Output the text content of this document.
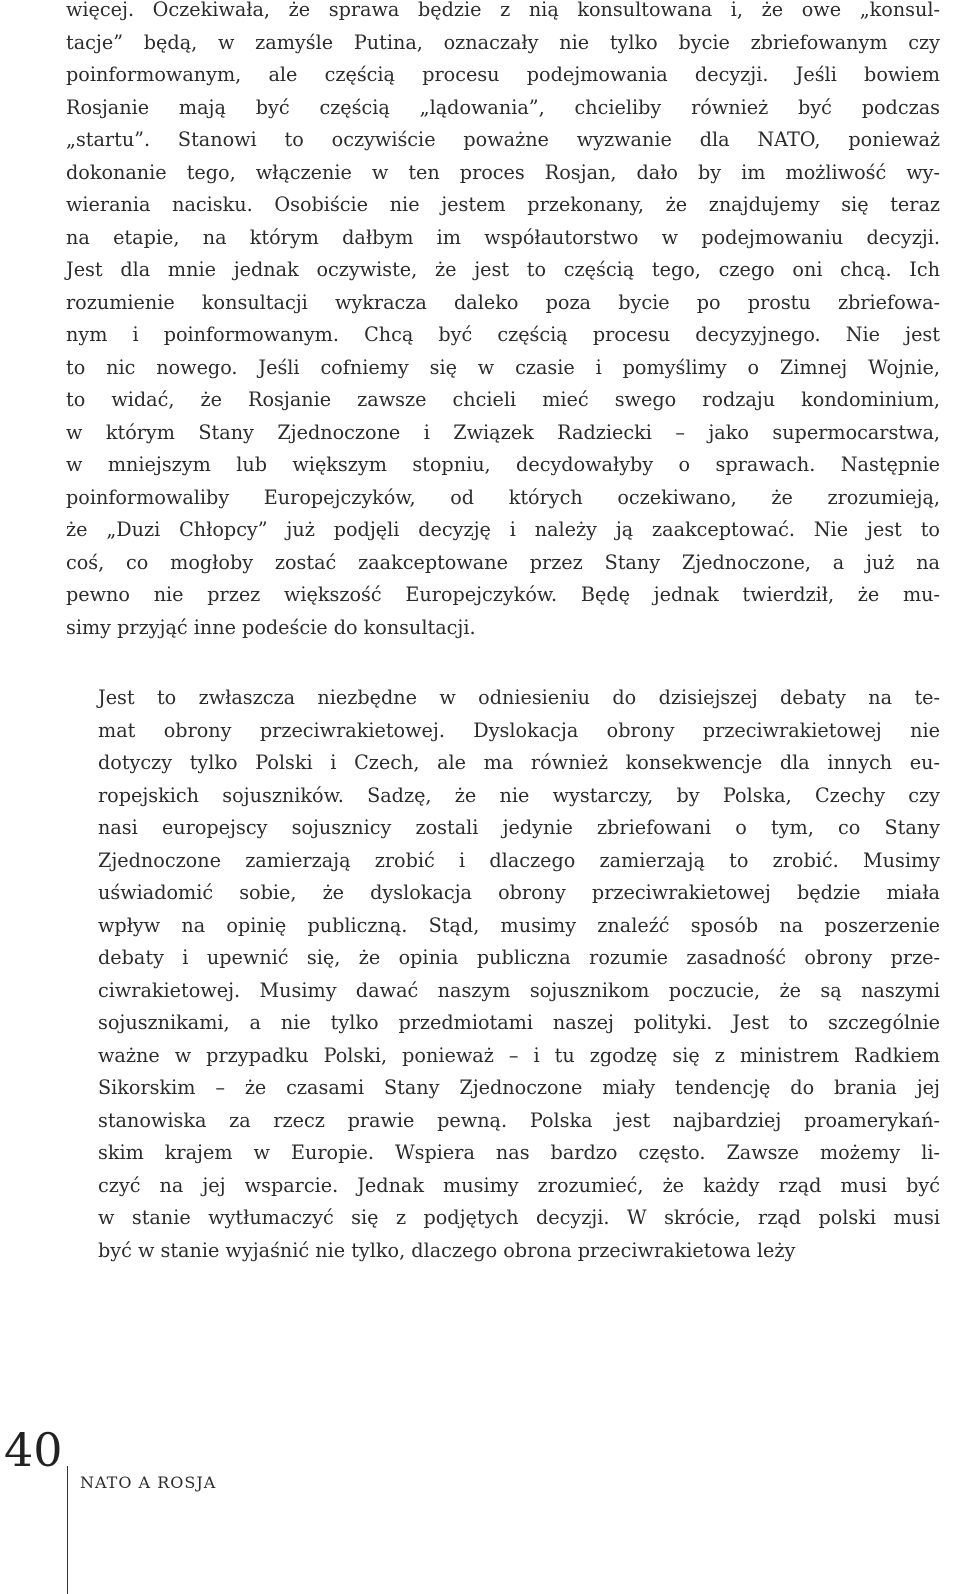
więcej. Oczekiwała, że sprawa będzie z nią konsultowana i, że owe „konsul-
tacje” będą, w zamyśle Putina, oznaczały nie tylko bycie zbriefowanym czy
poinformowanym, ale częścią procesu podejmowania decyzji. Jeśli bowiem
Rosjanie mają być częścią „lądowania”, chcieliby również być podczas
„startu”. Stanowi to oczywiście poważne wyzwanie dla NATO, ponieważ
dokonanie tego, włączenie w ten proces Rosjan, dało by im możliwość wy-
wierania nacisku. Osobiście nie jestem przekonany, że znajdujemy się teraz
na etapie, na którym dałbym im współautorstwo w podejmowaniu decyzji.
Jest dla mnie jednak oczywiste, że jest to częścią tego, czego oni chcą. Ich
rozumienie konsultacji wykracza daleko poza bycie po prostu zbriefowa-
nym i poinformowanym. Chcą być częścią procesu decyzyjnego. Nie jest
to nic nowego. Jeśli cofniemy się w czasie i pomyślimy o Zimnej Wojnie,
to widać, że Rosjanie zawsze chcieli mieć swego rodzaju kondominium,
w którym Stany Zjednoczone i Związek Radziecki – jako supermocarstwa,
w mniejszym lub większym stopniu, decydowałyby o sprawach. Następnie
poinformowaliby Europejczyków, od których oczekiwano, że zrozumieją,
że „Duzi Chłopcy” już podjęli decyzję i należy ją zaakceptować. Nie jest to
coś, co mogłoby zostać zaakceptowane przez Stany Zjednoczone, a już na
pewno nie przez większość Europejczyków. Będę jednak twierdził, że mu-
simy przyjąć inne podeście do konsultacji.

Jest to zwłaszcza niezbędne w odniesieniu do dzisiejszej debaty na te-
mat obrony przeciwrakietowej. Dyslokacja obrony przeciwrakietowej nie
dotyczy tylko Polski i Czech, ale ma również konsekwencje dla innych eu-
ropejskich sojuszników. Sadzę, że nie wystarczy, by Polska, Czechy czy
nasi europejscy sojusznicy zostali jedynie zbriefowani o tym, co Stany
Zjednoczone zamierzają zrobić i dlaczego zamierzają to zrobić. Musimy
uświadomić sobie, że dyslokacja obrony przeciwrakietowej będzie miała
wpływ na opinię publiczną. Stąd, musimy znaleźć sposób na poszerzenie
debaty i upewnić się, że opinia publiczna rozumie zasadność obrony prze-
ciwrakietowej. Musimy dawać naszym sojusznikom poczucie, że są naszymi
sojusznikami, a nie tylko przedmiotami naszej polityki. Jest to szczególnie
ważne w przypadku Polski, ponieważ – i tu zgodzę się z ministrem Radkiem
Sikorskim – że czasami Stany Zjednoczone miały tendencję do brania jej
stanowiska za rzecz prawie pewną. Polska jest najbardziej proamerykań-
skim krajem w Europie. Wspiera nas bardzo często. Zawsze możemy li-
czyć na jej wsparcie. Jednak musimy zrozumieć, że każdy rząd musi być
w stanie wytłumaczyć się z podjętych decyzji. W skrócie, rząd polski musi
być w stanie wyjaśnić nie tylko, dlaczego obrona przeciwrakietowa leży

40
NATO A ROSJA
